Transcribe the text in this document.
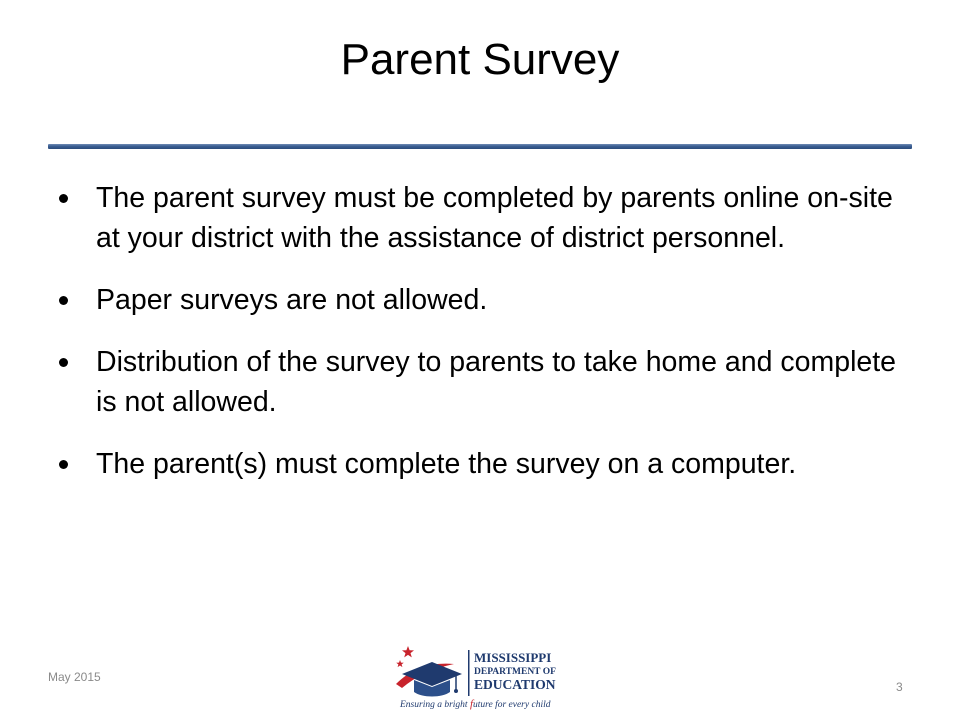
Parent Survey
The parent survey must be completed by parents online on-site at your district with the assistance of district personnel.
Paper surveys are not allowed.
Distribution of the survey to parents to take home and complete is not allowed.
The parent(s) must complete the survey on a computer.
May 2015
MISSISSIPPI
DEPARTMENT OF
EDUCATION
Ensuring a bright future for every child
3
